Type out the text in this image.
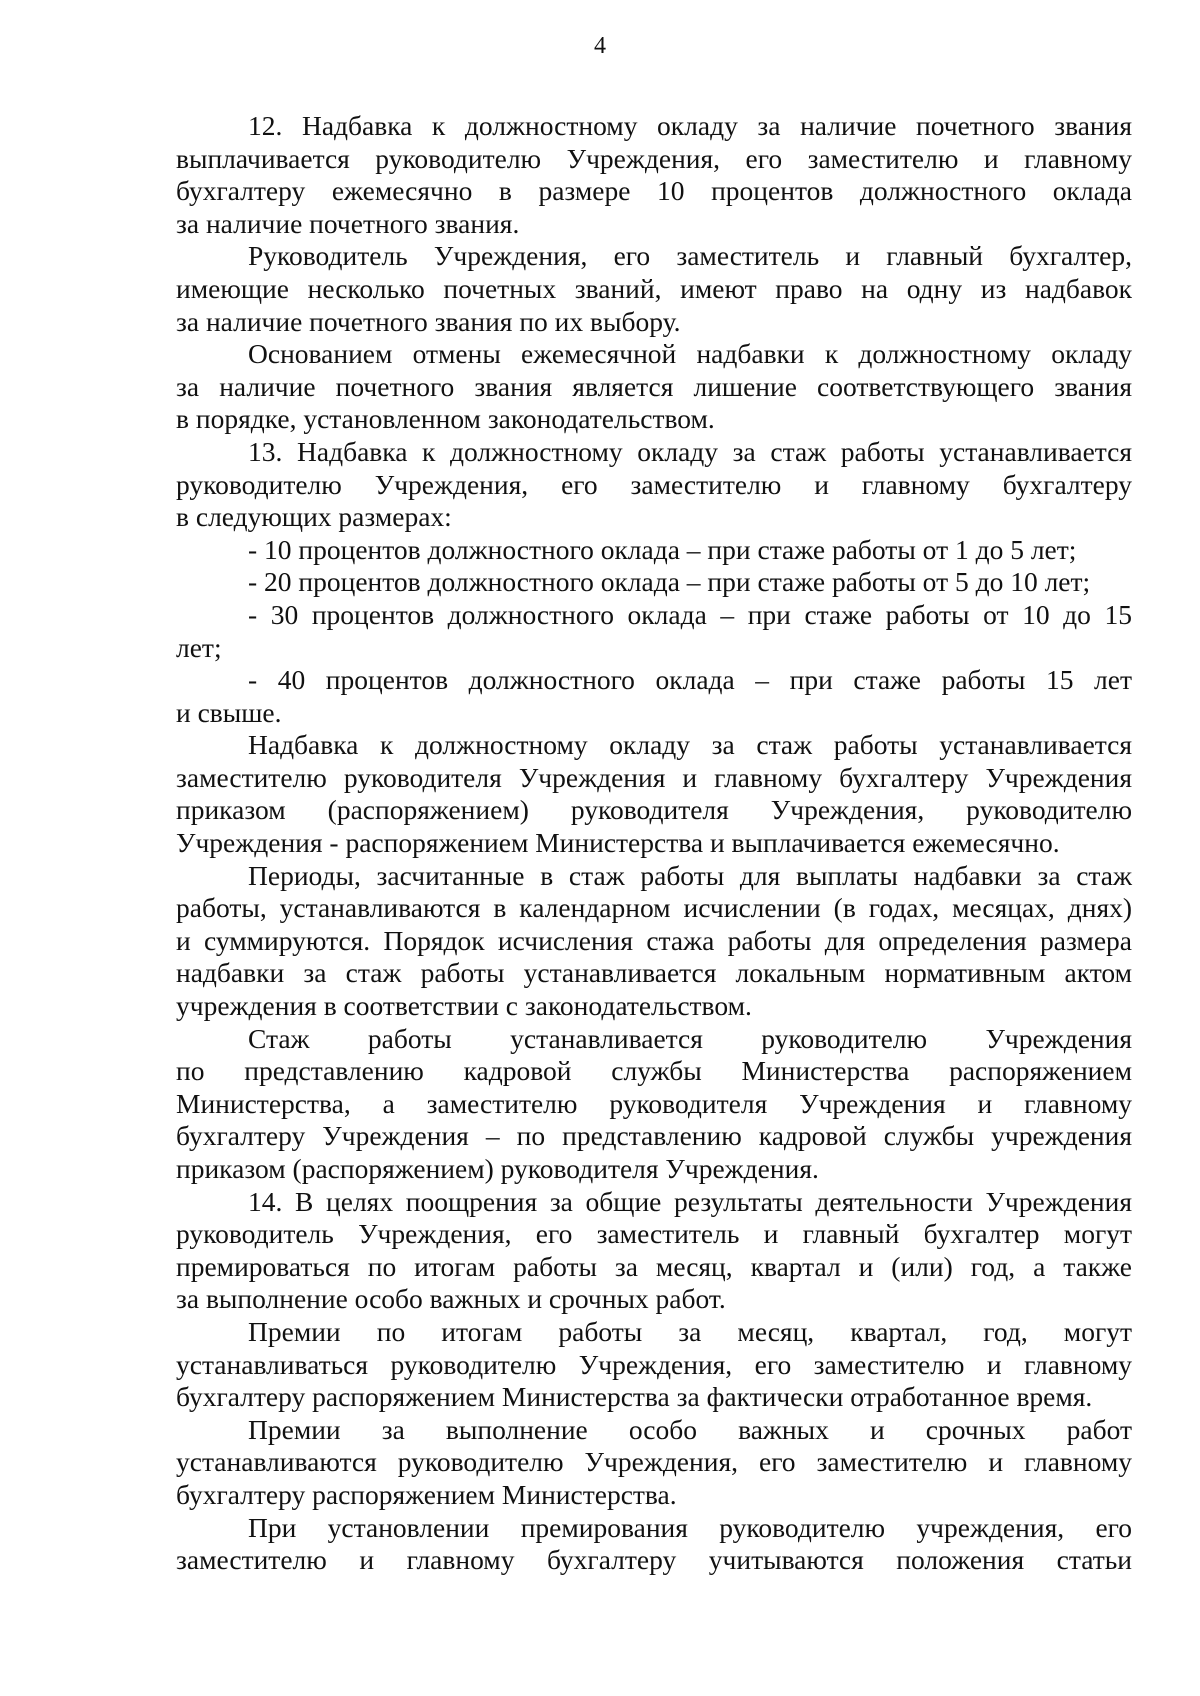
4
12. Надбавка к должностному окладу за наличие почетного звания
выплачивается руководителю Учреждения, его заместителю и главному
бухгалтеру ежемесячно в размере 10 процентов должностного оклада
за наличие почетного звания.
Руководитель Учреждения, его заместитель и главный бухгалтер,
имеющие несколько почетных званий, имеют право на одну из надбавок
за наличие почетного звания по их выбору.
Основанием отмены ежемесячной надбавки к должностному окладу
за наличие почетного звания является лишение соответствующего звания
в порядке, установленном законодательством.
13. Надбавка к должностному окладу за стаж работы устанавливается
руководителю Учреждения, его заместителю и главному бухгалтеру
в следующих размерах:
- 10 процентов должностного оклада – при стаже работы от 1 до 5 лет;
- 20 процентов должностного оклада – при стаже работы от 5 до 10 лет;
- 30 процентов должностного оклада – при стаже работы от 10 до 15
лет;
- 40 процентов должностного оклада – при стаже работы 15 лет
и свыше.
Надбавка к должностному окладу за стаж работы устанавливается
заместителю руководителя Учреждения и главному бухгалтеру Учреждения
приказом (распоряжением) руководителя Учреждения, руководителю
Учреждения - распоряжением Министерства и выплачивается ежемесячно.
Периоды, засчитанные в стаж работы для выплаты надбавки за стаж
работы, устанавливаются в календарном исчислении (в годах, месяцах, днях)
и суммируются. Порядок исчисления стажа работы для определения размера
надбавки за стаж работы устанавливается локальным нормативным актом
учреждения в соответствии с законодательством.
Стаж работы устанавливается руководителю Учреждения
по представлению кадровой службы Министерства распоряжением
Министерства, а заместителю руководителя Учреждения и главному
бухгалтеру Учреждения – по представлению кадровой службы учреждения
приказом (распоряжением) руководителя Учреждения.
14. В целях поощрения за общие результаты деятельности Учреждения
руководитель Учреждения, его заместитель и главный бухгалтер могут
премироваться по итогам работы за месяц, квартал и (или) год, а также
за выполнение особо важных и срочных работ.
Премии по итогам работы за месяц, квартал, год, могут
устанавливаться руководителю Учреждения, его заместителю и главному
бухгалтеру распоряжением Министерства за фактически отработанное время.
Премии за выполнение особо важных и срочных работ
устанавливаются руководителю Учреждения, его заместителю и главному
бухгалтеру распоряжением Министерства.
При установлении премирования руководителю учреждения, его
заместителю и главному бухгалтеру учитываются положения статьи
